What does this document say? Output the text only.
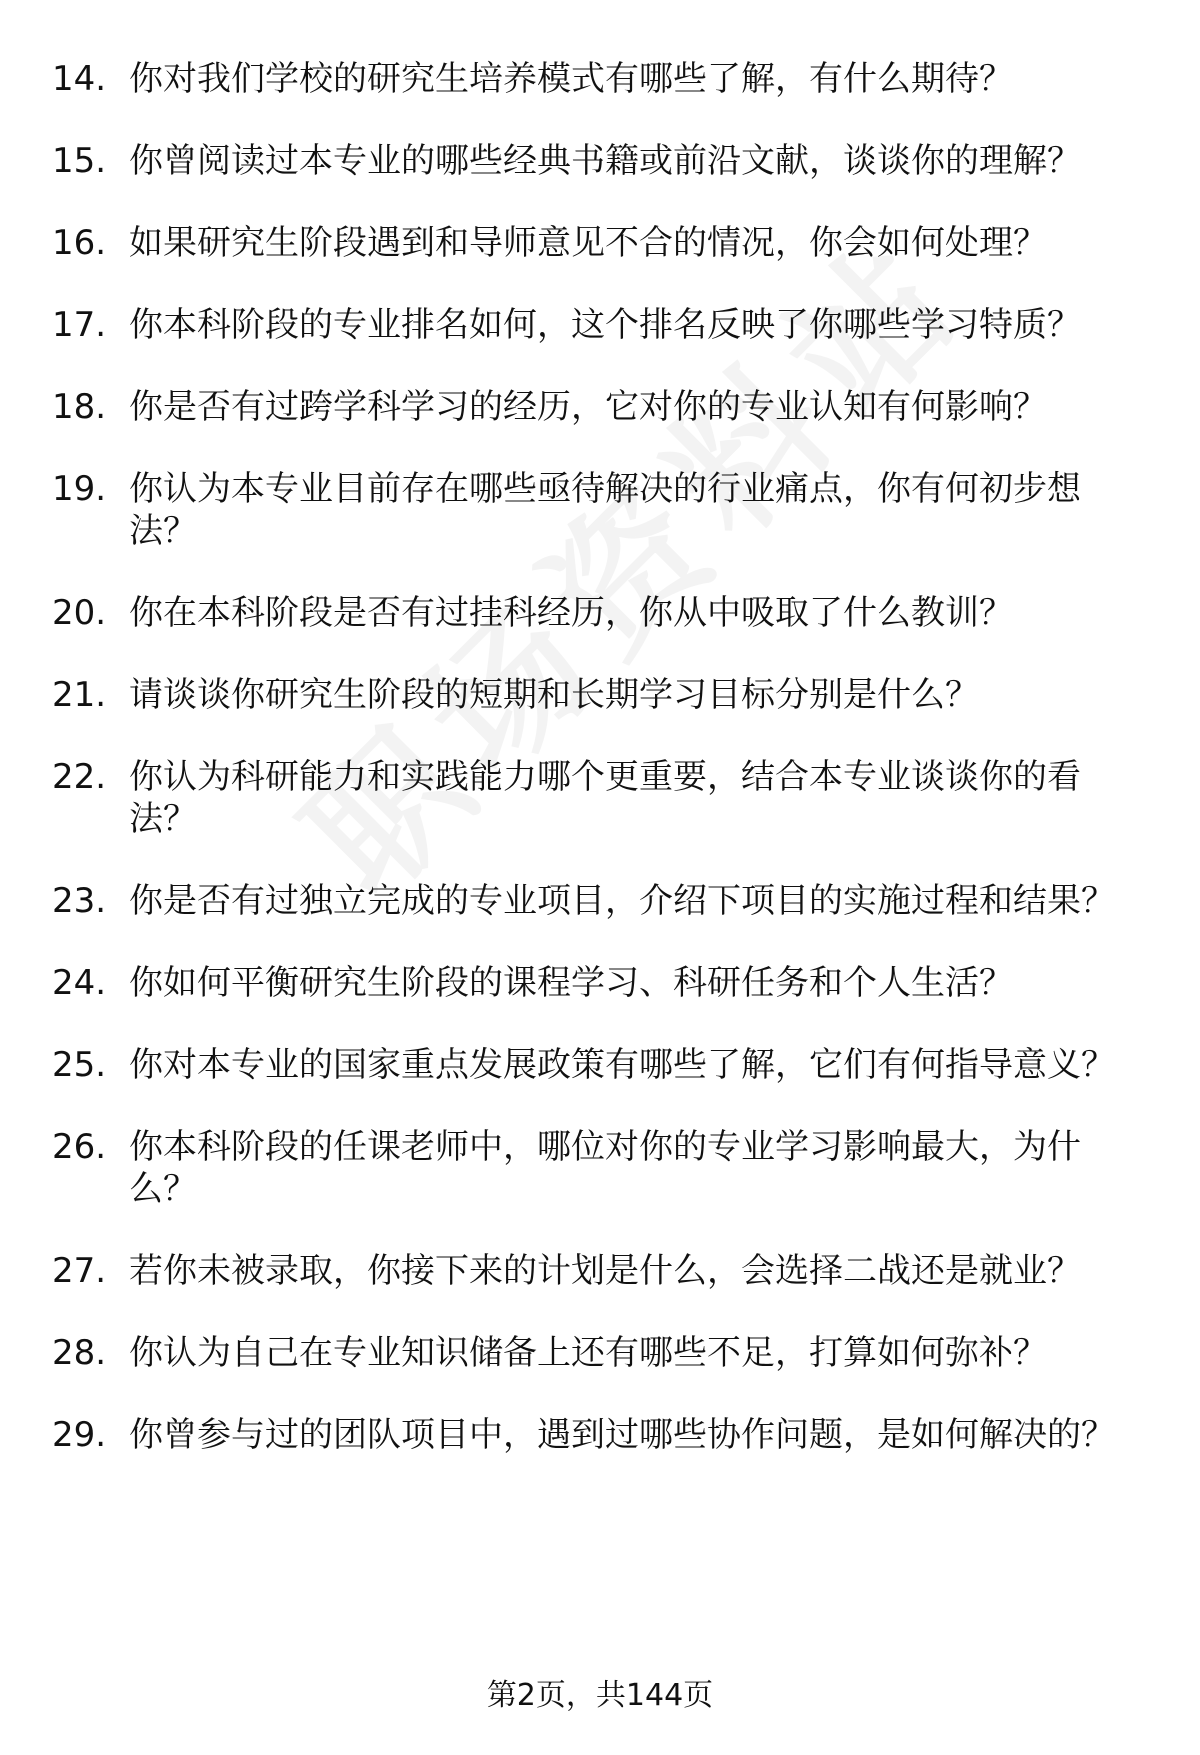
14. 你对我们学校的研究生培养模式有哪些了解，有什么期待？
15. 你曾阅读过本专业的哪些经典书籍或前沿文献，谈谈你的理解？
16. 如果研究生阶段遇到和导师意见不合的情况，你会如何处理？
17. 你本科阶段的专业排名如何，这个排名反映了你哪些学习特质？
18. 你是否有过跨学科学习的经历，它对你的专业认知有何影响？
19. 你认为本专业目前存在哪些亟待解决的行业痛点，你有何初步想法？
20. 你在本科阶段是否有过挂科经历，你从中吸取了什么教训？
21. 请谈谈你研究生阶段的短期和长期学习目标分别是什么？
22. 你认为科研能力和实践能力哪个更重要，结合本专业谈谈你的看法？
23. 你是否有过独立完成的专业项目，介绍下项目的实施过程和结果？
24. 你如何平衡研究生阶段的课程学习、科研任务和个人生活？
25. 你对本专业的国家重点发展政策有哪些了解，它们有何指导意义？
26. 你本科阶段的任课老师中，哪位对你的专业学习影响最大，为什么？
27. 若你未被录取，你接下来的计划是什么，会选择二战还是就业？
28. 你认为自己在专业知识储备上还有哪些不足，打算如何弥补？
29. 你曾参与过的团队项目中，遇到过哪些协作问题，是如何解决的？
第2页，共144页
